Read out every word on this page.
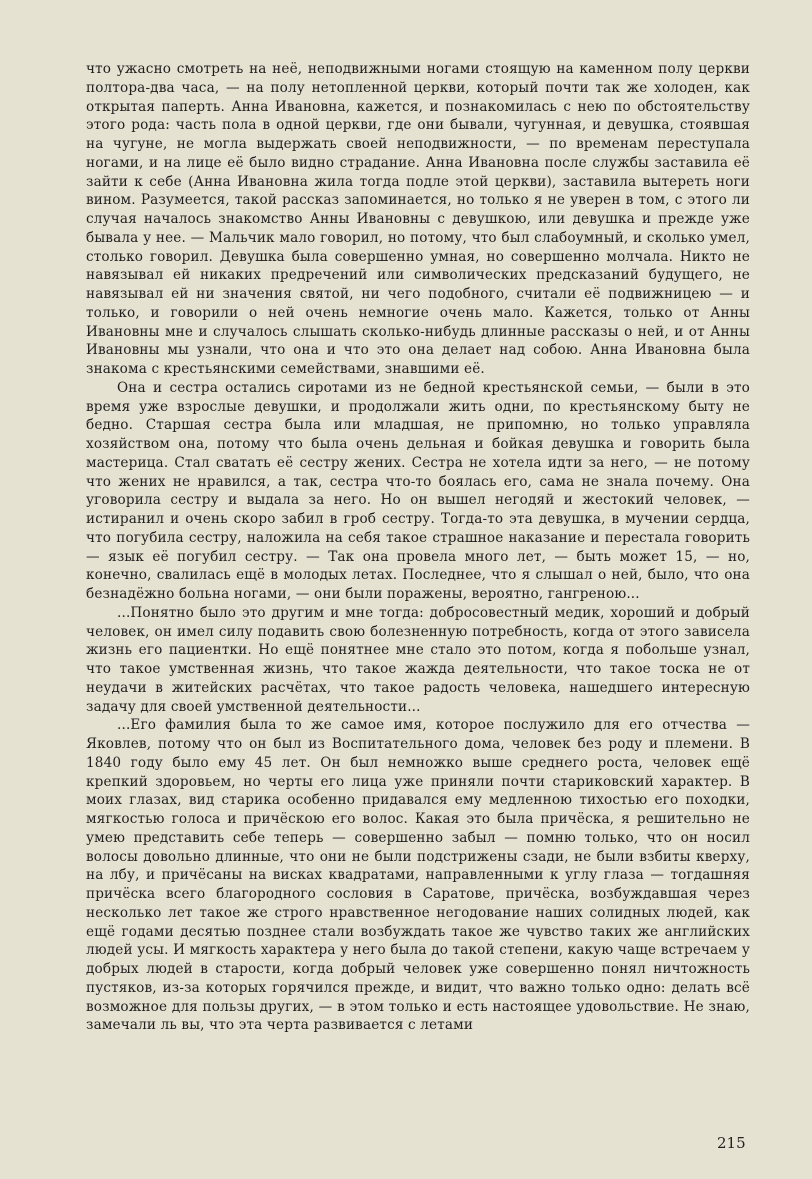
что ужасно смотреть на неё, неподвижными ногами стоящую на каменном полу церкви полтора-два часа, — на полу нетопленной церкви, который почти так же холоден, как открытая паперть. Анна Ивановна, кажется, и познакомилась с нею по обстоятельству этого рода: часть пола в одной церкви, где они бывали, чугунная, и девушка, стоявшая на чугуне, не могла выдержать своей неподвижности, — по временам переступала ногами, и на лице её было видно страдание. Анна Ивановна после службы заставила её зайти к себе (Анна Ивановна жила тогда подле этой церкви), заставила вытереть ноги вином. Разумеется, такой рассказ запоминается, но только я не уверен в том, с этого ли случая началось знакомство Анны Ивановны с девушкою, или девушка и прежде уже бывала у нее. — Мальчик мало говорил, но потому, что был слабоумный, и сколько умел, столько говорил. Девушка была совершенно умная, но совершенно молчала. Никто не навязывал ей никаких предречений или символических предсказаний будущего, не навязывал ей ни значения святой, ни чего подобного, считали её подвижницею — и только, и говорили о ней очень немногие очень мало. Кажется, только от Анны Ивановны мне и случалось слышать сколько-нибудь длинные рассказы о ней, и от Анны Ивановны мы узнали, что она и что это она делает над собою. Анна Ивановна была знакома с крестьянскими семействами, знавшими её.

Она и сестра остались сиротами из не бедной крестьянской семьи, — были в это время уже взрослые девушки, и продолжали жить одни, по крестьянскому быту не бедно. Старшая сестра была или младшая, не припомню, но только управляла хозяйством она, потому что была очень дельная и бойкая девушка и говорить была мастерица. Стал сватать её сестру жених. Сестра не хотела идти за него, — не потому что жених не нравился, а так, сестра что-то боялась его, сама не знала почему. Она уговорила сестру и выдала за него. Но он вышел негодяй и жестокий человек, — истиранил и очень скоро забил в гроб сестру. Тогда-то эта девушка, в мучении сердца, что погубила сестру, наложила на себя такое страшное наказание и перестала говорить — язык её погубил сестру. — Так она провела много лет, — быть может 15, — но, конечно, свалилась ещё в молодых летах. Последнее, что я слышал о ней, было, что она безнадёжно больна ногами, — они были поражены, вероятно, гангреною...

...Понятно было это другим и мне тогда: добросовестный медик, хороший и добрый человек, он имел силу подавить свою болезненную потребность, когда от этого зависела жизнь его пациентки. Но ещё понятнее мне стало это потом, когда я побольше узнал, что такое умственная жизнь, что такое жажда деятельности, что такое тоска не от неудачи в житейских расчётах, что такое радость человека, нашедшего интересную задачу для своей умственной деятельности...

...Его фамилия была то же самое имя, которое послужило для его отчества — Яковлев, потому что он был из Воспитательного дома, человек без роду и племени. В 1840 году было ему 45 лет. Он был немножко выше среднего роста, человек ещё крепкий здоровьем, но черты его лица уже приняли почти стариковский характер. В моих глазах, вид старика особенно придавался ему медленною тихостью его походки, мягкостью голоса и причёскою его волос. Какая это была причёска, я решительно не умею представить себе теперь — совершенно забыл — помню только, что он носил волосы довольно длинные, что они не были подстрижены сзади, не были взбиты кверху, на лбу, и причёсаны на висках квадратами, направленными к углу глаза — тогдашняя причёска всего благородного сословия в Саратове, причёска, возбуждавшая через несколько лет такое же строго нравственное негодование наших солидных людей, как ещё годами десятью позднее стали возбуждать такое же чувство таких же английских людей усы. И мягкость характера у него была до такой степени, какую чаще встречаем у добрых людей в старости, когда добрый человек уже совершенно понял ничтожность пустяков, из-за которых горячился прежде, и видит, что важно только одно: делать всё возможное для пользы других, — в этом только и есть настоящее удовольствие. Не знаю, замечали ль вы, что эта черта развивается с летами

215
